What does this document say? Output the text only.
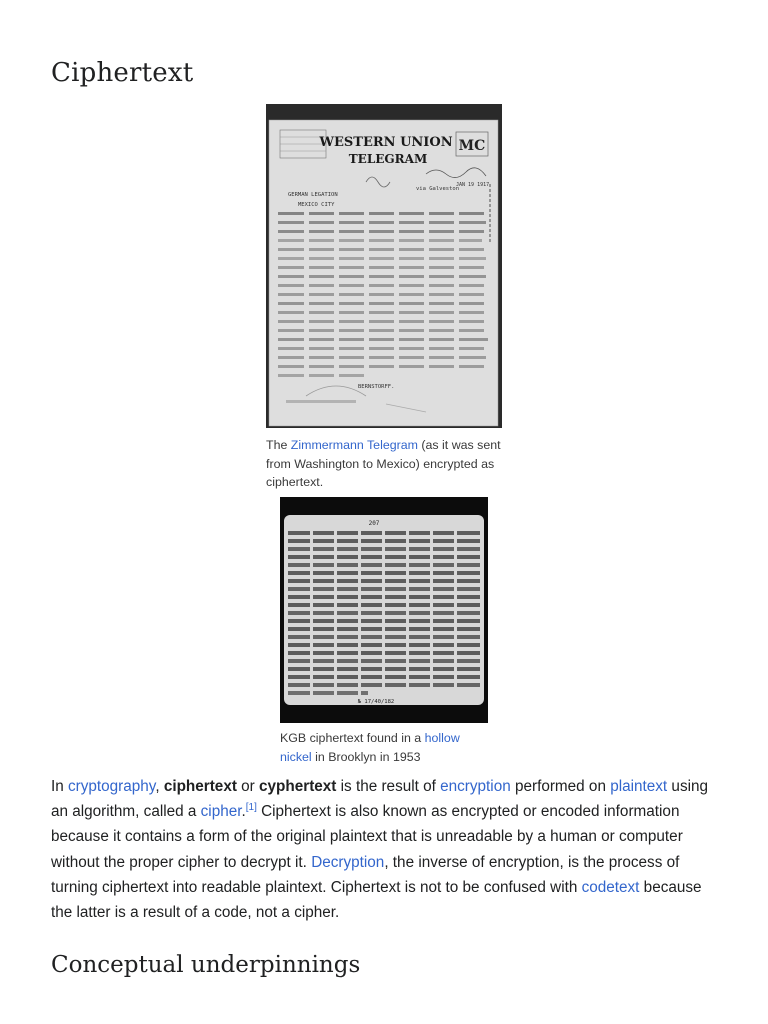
Ciphertext
WESTERN UNION
TELEGRAM
MC
via Galveston
JAN 19 1917
GERMAN LEGATION
MEXICO CITY
BERNSTORFF.
The Zimmermann Telegram (as it was sent from Washington to Mexico) encrypted as ciphertext.
207
№ 17/40/182
KGB ciphertext found in a hollow nickel in Brooklyn in 1953

In cryptography, ciphertext or cyphertext is the result of encryption performed on plaintext using an algorithm, called a cipher.[1] Ciphertext is also known as encrypted or encoded information because it contains a form of the original plaintext that is unreadable by a human or computer without the proper cipher to decrypt it. Decryption, the inverse of encryption, is the process of turning ciphertext into readable plaintext. Ciphertext is not to be confused with codetext because the latter is a result of a code, not a cipher.

Conceptual underpinnings
